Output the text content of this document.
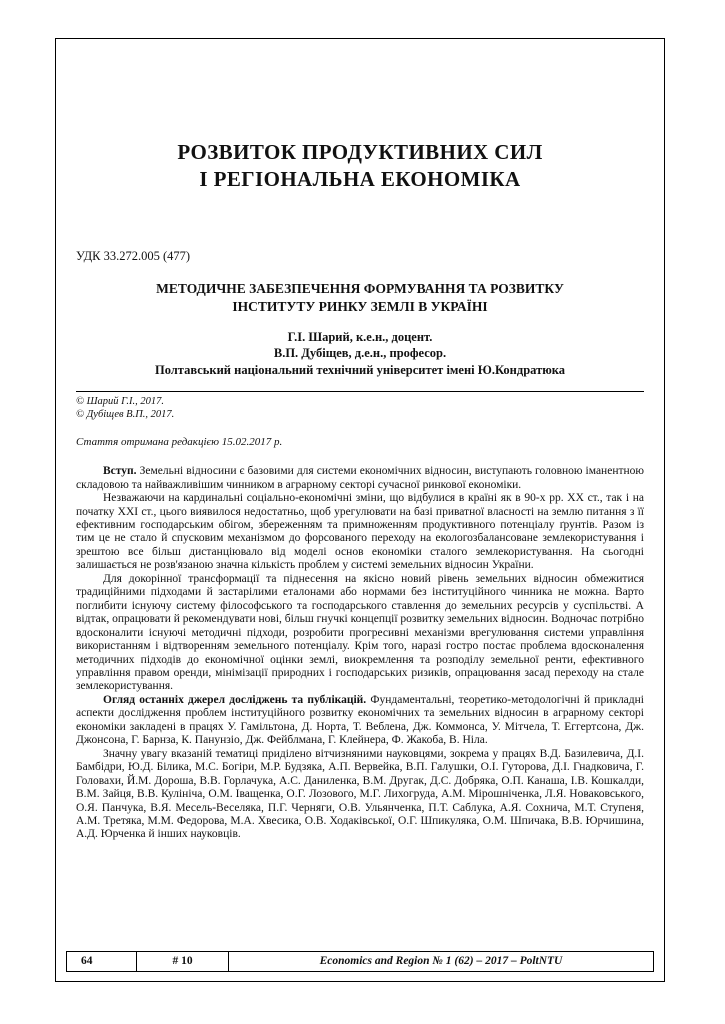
РОЗВИТОК ПРОДУКТИВНИХ СИЛ
І РЕГІОНАЛЬНА ЕКОНОМІКА
УДК 33.272.005 (477)
МЕТОДИЧНЕ ЗАБЕЗПЕЧЕННЯ ФОРМУВАННЯ ТА РОЗВИТКУ
ІНСТИТУТУ РИНКУ ЗЕМЛІ В УКРАЇНІ
Г.І. Шарий, к.е.н., доцент.
В.П. Дубіщев, д.е.н., професор.
Полтавський національний технічний університет імені Ю.Кондратюка
© Шарий Г.І., 2017.
© Дубіщев В.П., 2017.
Стаття отримана редакцією 15.02.2017 р.

Вступ. Земельні відносини є базовими для системи економічних відносин, виступають головною іманентною складовою та найважливішим чинником в аграрному секторі сучасної ринкової економіки.

Незважаючи на кардинальні соціально-економічні зміни, що відбулися в країні як в 90-х рр. ХХ ст., так і на початку ХХІ ст., цього виявилося недостатньо, щоб урегулювати на базі приватної власності на землю питання з її ефективним господарським обігом, збереженням та примноженням продуктивного потенціалу ґрунтів. Разом із тим це не стало й спусковим механізмом до форсованого переходу на екологозбалансоване землекористування і зрештою все більш дистанціювало від моделі основ економіки сталого землекористування. На сьогодні залишається не розв'язаною значна кількість проблем у системі земельних відносин України.

Для докорінної трансформації та піднесення на якісно новий рівень земельних відносин обмежитися традиційними підходами й застарілими еталонами або нормами без інституційного чинника не можна. Варто поглибити існуючу систему філософського та господарського ставлення до земельних ресурсів у суспільстві. А відтак, опрацювати й рекомендувати нові, більш гнучкі концепції розвитку земельних відносин. Водночас потрібно вдосконалити існуючі методичні підходи, розробити прогресивні механізми врегулювання системи управління використанням і відтворенням земельного потенціалу. Крім того, наразі гостро постає проблема вдосконалення методичних підходів до економічної оцінки землі, виокремлення та розподілу земельної ренти, ефективного управління правом оренди, мінімізації природних і господарських ризиків, опрацювання засад переходу на стале землекористування.

Огляд останніх джерел досліджень та публікацій. Фундаментальні, теоретико-методологічні й прикладні аспекти дослідження проблем інституційного розвитку економічних та земельних відносин в аграрному секторі економіки закладені в працях У. Гамільтона, Д. Норта, Т. Веблена, Дж. Коммонса, У. Мітчела, Т. Еггертсона, Дж. Джонсона, Г. Барнза, К. Панунзіо, Дж. Фейблмана, Г. Клейнера, Ф. Жакоба, В. Ніла.

Значну увагу вказаній тематиці приділено вітчизняними науковцями, зокрема у працях В.Д. Базилевича, Д.І. Бамбідри, Ю.Д. Білика, М.С. Богіри, М.Р. Будзяка, А.П. Вервейка, В.П. Галушки, О.І. Гуторова, Д.І. Гнадковича, Г. Головахи, Й.М. Дороша, В.В. Горлачука, А.С. Даниленка, В.М. Другак, Д.С. Добряка, О.П. Канаша, І.В. Кошкалди, В.М. Зайця, В.В. Кулініча, О.М. Іващенка, О.Г. Лозового, М.Г. Лихогруда, А.М. Мірошніченка, Л.Я. Новаковського, О.Я. Панчука, В.Я. Месель-Веселяка, П.Г. Черняги, О.В. Ульянченка, П.Т. Саблука, А.Я. Сохнича, М.Т. Ступеня, А.М. Третяка, М.М. Федорова, М.А. Хвесика, О.В. Ходаківської, О.Г. Шпикуляка, О.М. Шпичака, В.В. Юрчишина, А.Д. Юрченка й інших науковців.

64	# 10	Economics and Region № 1 (62) – 2017 – PoltNTU
